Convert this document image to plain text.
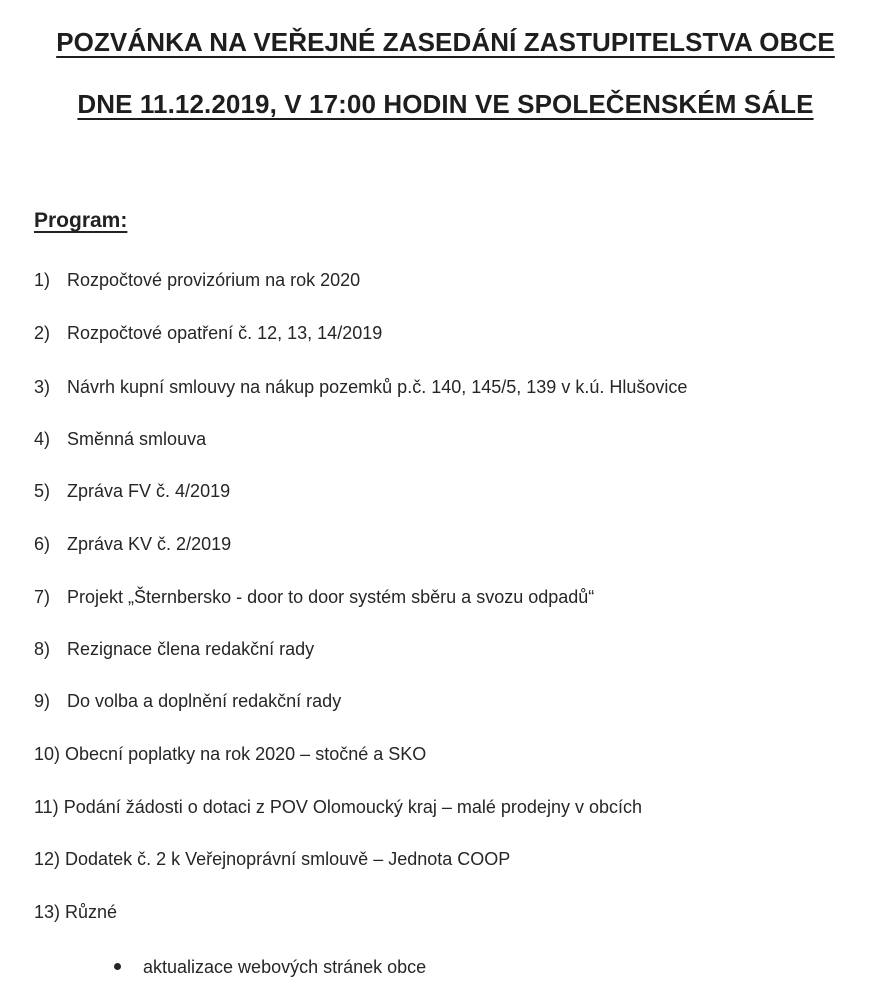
POZVÁNKA NA VEŘEJNÉ ZASEDÁNÍ ZASTUPITELSTVA OBCE
DNE 11.12.2019, V 17:00 HODIN VE SPOLEČENSKÉM SÁLE
Program:
1) Rozpočtové provizórium na rok 2020
2) Rozpočtové opatření č. 12, 13, 14/2019
3) Návrh kupní smlouvy na nákup pozemků p.č. 140, 145/5, 139 v k.ú. Hlušovice
4) Směnná smlouva
5) Zpráva FV č. 4/2019
6) Zpráva KV č. 2/2019
7) Projekt „Šternbersko - door to door systém sběru a svozu odpadů“
8) Rezignace člena redakční rady
9) Do volba a doplnění redakční rady
10) Obecní poplatky na rok 2020 – stočné a SKO
11) Podání žádosti o dotaci z POV Olomoucký kraj – malé prodejny v obcích
12) Dodatek č. 2 k Veřejnoprávní smlouvě – Jednota COOP
13) Různé
aktualizace webových stránek obce
